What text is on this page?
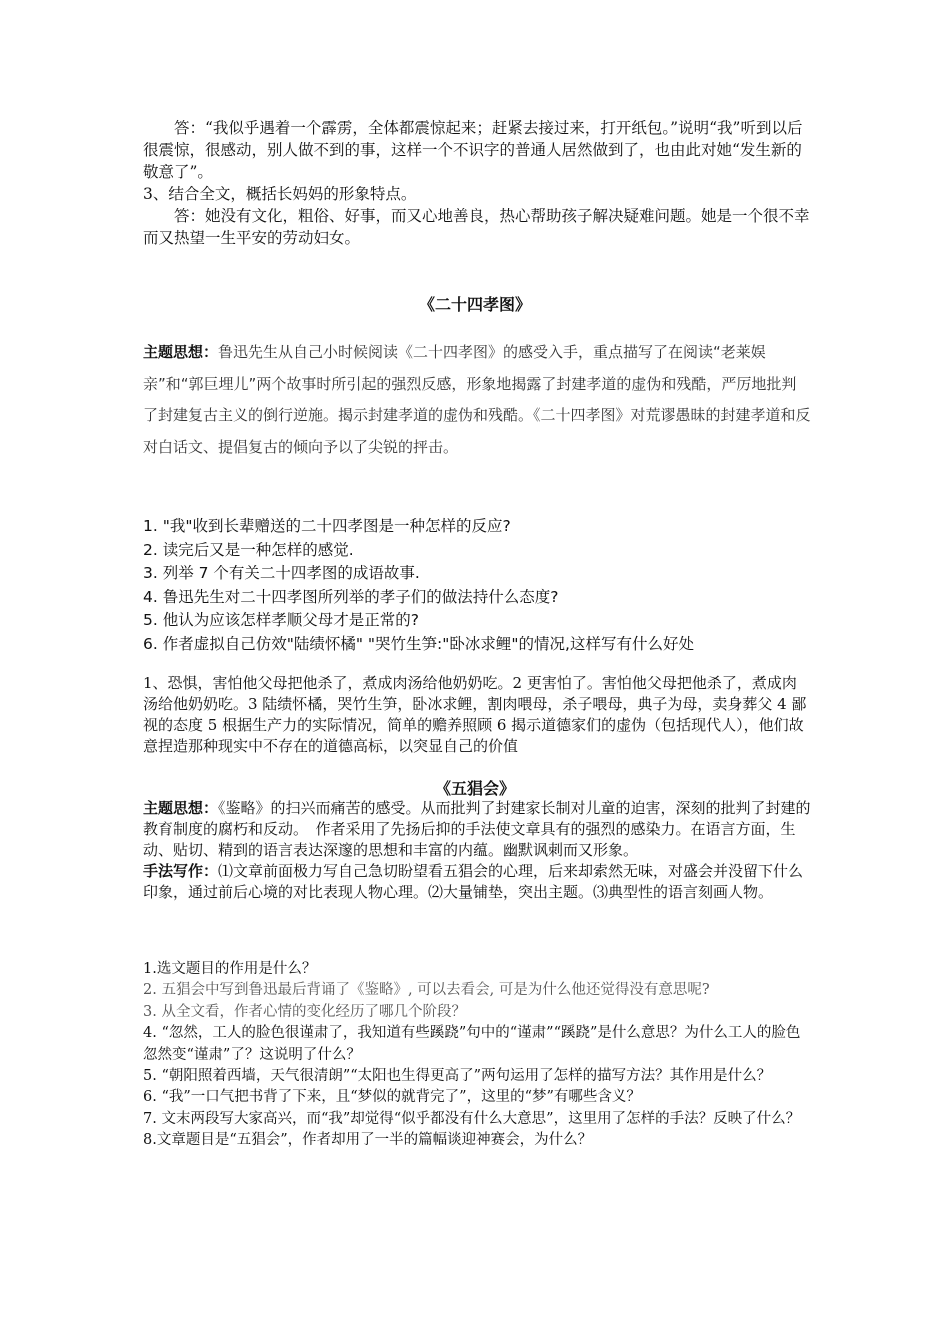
答：“我似乎遇着一个霹雳，全体都震惊起来；赶紧去接过来，打开纸包。”说明“我”听到以后很震惊，很感动，别人做不到的事，这样一个不识字的普通人居然做到了，也由此对她“发生新的敬意了”。

3、结合全文，概括长妈妈的形象特点。

答：她没有文化，粗俗、好事，而又心地善良，热心帮助孩子解决疑难问题。她是一个很不幸而又热望一生平安的劳动妇女。

《二十四孝图》
主题思想：鲁迅先生从自己小时候阅读《二十四孝图》的感受入手，重点描写了在阅读“老莱娱亲”和“郭巨埋儿”两个故事时所引起的强烈反感，形象地揭露了封建孝道的虚伪和残酷，严厉地批判了封建复古主义的倒行逆施。揭示封建孝道的虚伪和残酷。《二十四孝图》对荒谬愚昧的封建孝道和反对白话文、提倡复古的倾向予以了尖锐的抨击。
1. "我"收到长辈赠送的二十四孝图是一种怎样的反应?
2. 读完后又是一种怎样的感觉.
3. 列举 7 个有关二十四孝图的成语故事.
4. 鲁迅先生对二十四孝图所列举的孝子们的做法持什么态度?
5. 他认为应该怎样孝顺父母才是正常的?
6. 作者虚拟自己仿效"陆绩怀橘" "哭竹生笋:"卧冰求鲤"的情况,这样写有什么好处
1、恐惧，害怕他父母把他杀了，煮成肉汤给他奶奶吃。2 更害怕了。害怕他父母把他杀了，煮成肉汤给他奶奶吃。3 陆绩怀橘，哭竹生笋，卧冰求鲤，割肉喂母，杀子喂母，典子为母，卖身葬父 4 鄙视的态度 5 根据生产力的实际情况，简单的赡养照顾 6 揭示道德家们的虚伪（包括现代人），他们故意捏造那种现实中不存在的道德高标，以突显自己的价值
《五猖会》

主题思想：《鉴略》的扫兴而痛苦的感受。从而批判了封建家长制对儿童的迫害，深刻的批判了封建的教育制度的腐朽和反动。　作者采用了先扬后抑的手法使文章具有的强烈的感染力。在语言方面，生动、贴切、精到的语言表达深邃的思想和丰富的内蕴。幽默讽刺而又形象。

手法写作：⑴文章前面极力写自己急切盼望看五猖会的心理，后来却索然无味，对盛会并没留下什么印象，通过前后心境的对比表现人物心理。⑵大量铺垫，突出主题。⑶典型性的语言刻画人物。

1.选文题目的作用是什么？
2. 五猖会中写到鲁迅最后背诵了《鉴略》, 可以去看会, 可是为什么他还觉得没有意思呢?
3. 从全文看，作者心情的变化经历了哪几个阶段？
4. “忽然，工人的脸色很谨肃了，我知道有些蹊跷”句中的“谨肃”“蹊跷”是什么意思？为什么工人的脸色忽然变“谨肃”了？这说明了什么？
5. “朝阳照着西墙，天气很清朗”“太阳也生得更高了”两句运用了怎样的描写方法？其作用是什么？
6. “我”一口气把书背了下来，且“梦似的就背完了”，这里的“梦”有哪些含义？
7. 文末两段写大家高兴，而“我”却觉得“似乎都没有什么大意思”，这里用了怎样的手法？反映了什么？
8.文章题目是“五猖会”，作者却用了一半的篇幅谈迎神赛会，为什么？
